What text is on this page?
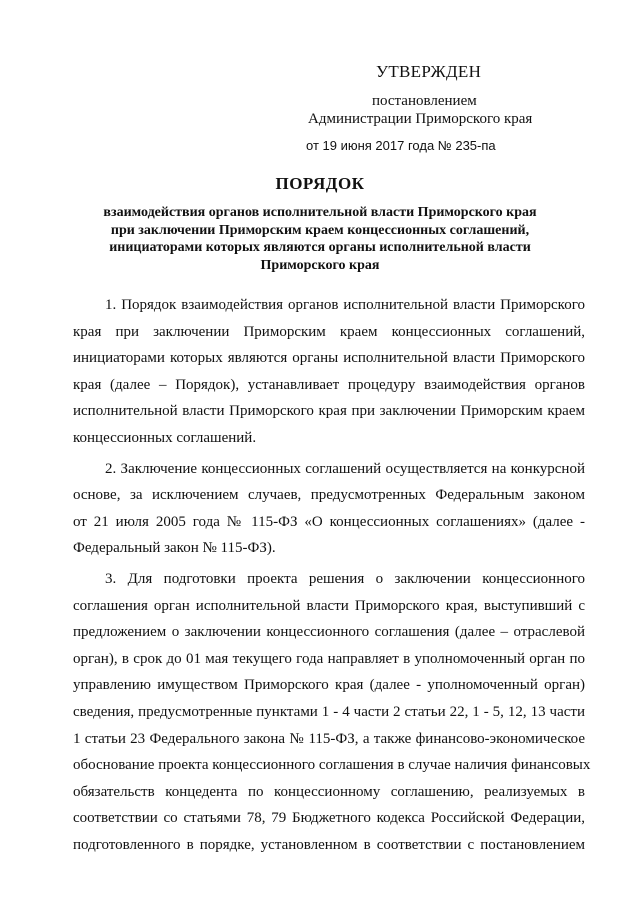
УТВЕРЖДЕН
постановлением
Администрации Приморского края
от 19 июня 2017 года № 235-па
ПОРЯДОК
взаимодействия органов исполнительной власти Приморского края
при заключении Приморским краем концессионных соглашений,
инициаторами которых являются органы исполнительной власти
Приморского края
1. Порядок взаимодействия органов исполнительной власти Приморского
края при заключении Приморским краем концессионных соглашений,
инициаторами которых являются органы исполнительной власти Приморского
края (далее – Порядок), устанавливает процедуру взаимодействия органов
исполнительной власти Приморского края при заключении Приморским краем
концессионных соглашений.
2. Заключение концессионных соглашений осуществляется на конкурсной
основе, за исключением случаев, предусмотренных Федеральным законом
от 21 июля 2005 года № 115-ФЗ «О концессионных соглашениях» (далее -
Федеральный закон № 115-ФЗ).
3. Для подготовки проекта решения о заключении концессионного
соглашения орган исполнительной власти Приморского края, выступивший с
предложением о заключении концессионного соглашения (далее – отраслевой
орган), в срок до 01 мая текущего года направляет в уполномоченный орган по
управлению имуществом Приморского края (далее - уполномоченный орган)
сведения, предусмотренные пунктами 1 - 4 части 2 статьи 22, 1 - 5, 12, 13 части
1 статьи 23 Федерального закона № 115-ФЗ, а также финансово-экономическое
обоснование проекта концессионного соглашения в случае наличия финансовых
обязательств концедента по концессионному соглашению, реализуемых в
соответствии со статьями 78, 79 Бюджетного кодекса Российской Федерации,
подготовленного в порядке, установленном в соответствии с постановлением
